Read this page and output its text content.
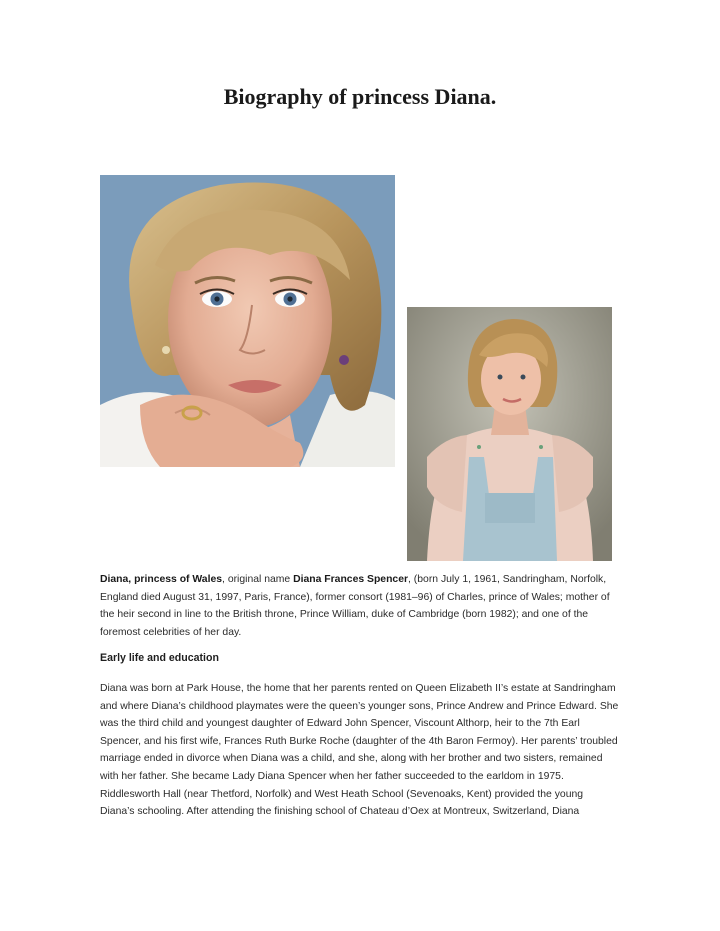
Biography of princess Diana.

Diana, princess of Wales, original name Diana Frances Spencer, (born July 1, 1961, Sandringham, Norfolk, England died August 31, 1997, Paris, France), former consort (1981–96) of Charles, prince of Wales; mother of the heir second in line to the British throne, Prince William, duke of Cambridge (born 1982); and one of the foremost celebrities of her day.

Early life and education

Diana was born at Park House, the home that her parents rented on Queen Elizabeth II’s estate at Sandringham and where Diana’s childhood playmates were the queen’s younger sons, Prince Andrew and Prince Edward. She was the third child and youngest daughter of Edward John Spencer, Viscount Althorp, heir to the 7th Earl Spencer, and his first wife, Frances Ruth Burke Roche (daughter of the 4th Baron Fermoy). Her parents’ troubled marriage ended in divorce when Diana was a child, and she, along with her brother and two sisters, remained with her father. She became Lady Diana Spencer when her father succeeded to the earldom in 1975. Riddlesworth Hall (near Thetford, Norfolk) and West Heath School (Sevenoaks, Kent) provided the young Diana’s schooling. After attending the finishing school of Chateau d’Oex at Montreux, Switzerland, Diana
